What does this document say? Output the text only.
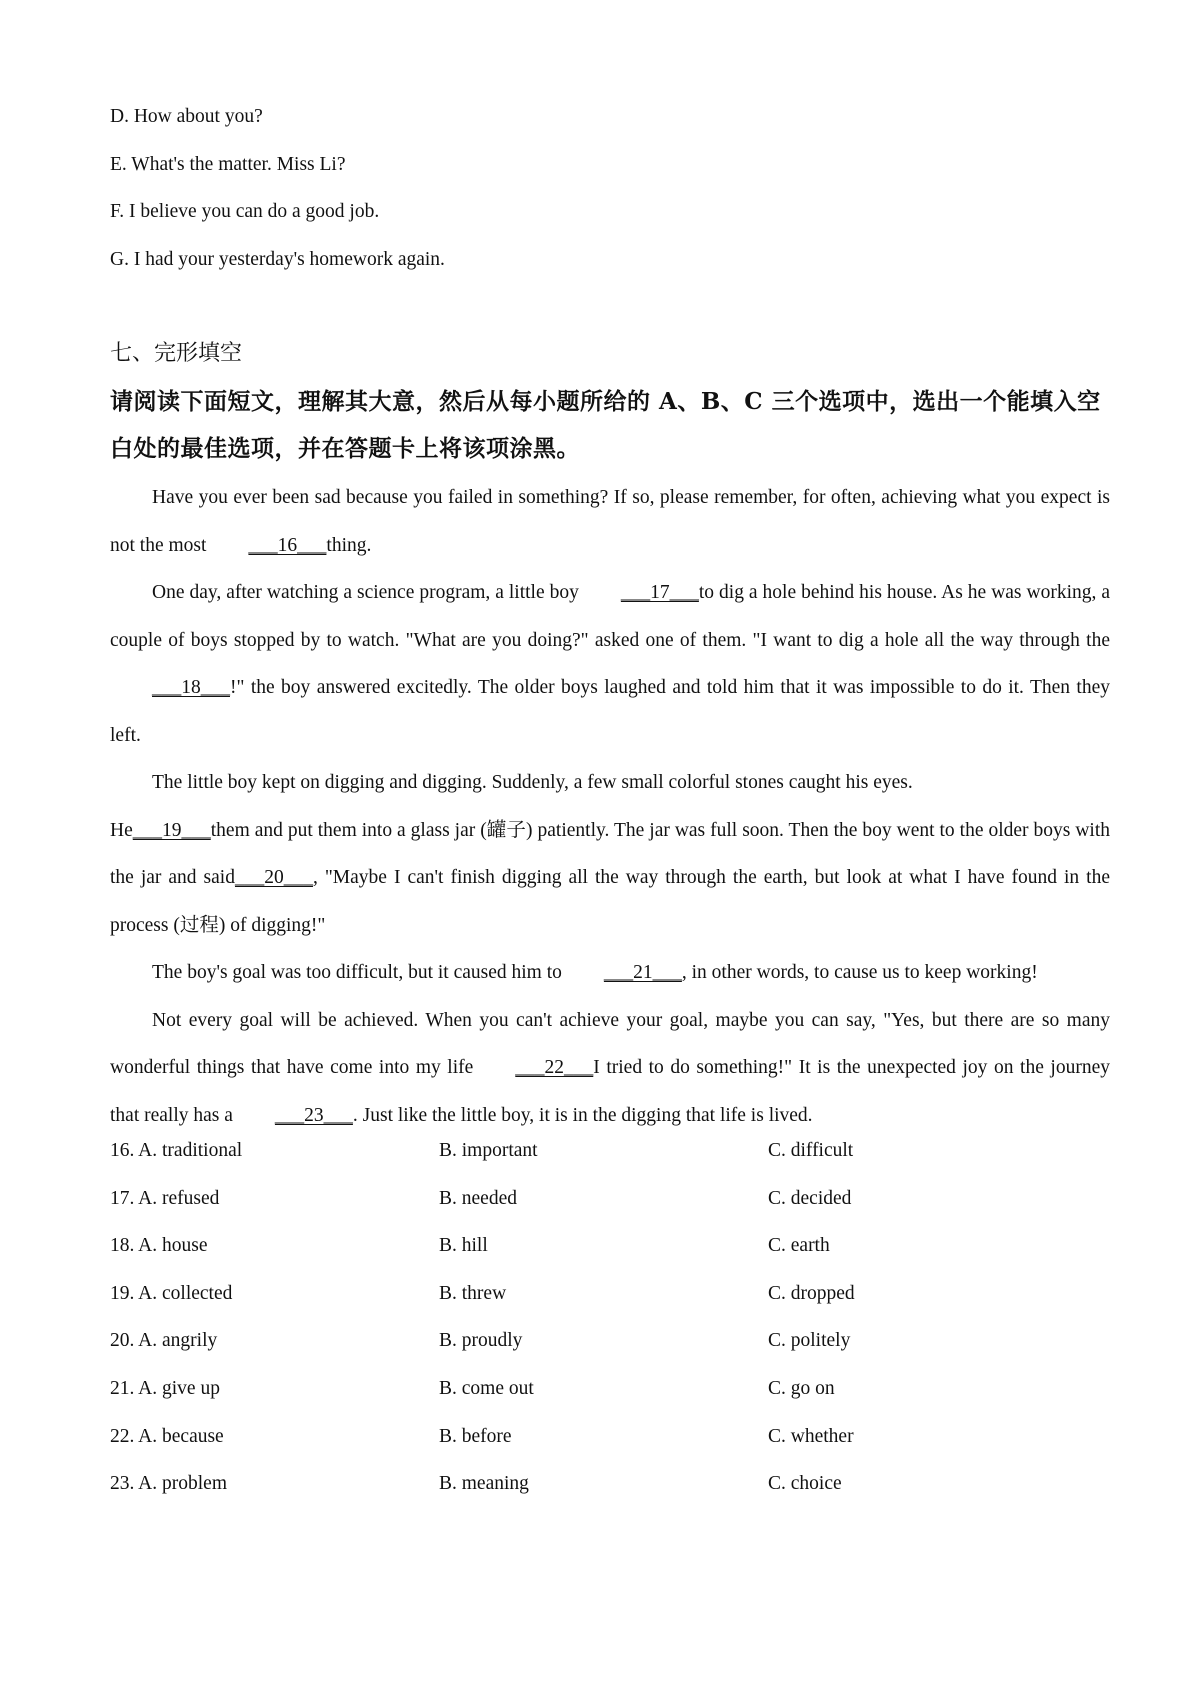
D. How about you?
E. What's the matter. Miss Li?
F. I believe you can do a good job.
G. I had your yesterday's homework again.
七、完形填空
请阅读下面短文，理解其大意，然后从每小题所给的 A、B、C 三个选项中，选出一个能填入空白处的最佳选项，并在答题卡上将该项涂黑。

Have you ever been sad because you failed in something? If so, please remember, for often, achieving what you expect is not the most ___16___thing.

One day, after watching a science program, a little boy ___17___to dig a hole behind his house. As he was working, a couple of boys stopped by to watch. "What are you doing?" asked one of them. "I want to dig a hole all the way through the___18___!" the boy answered excitedly. The older boys laughed and told him that it was impossible to do it. Then they left.

The little boy kept on digging and digging. Suddenly, a few small colorful stones caught his eyes.

He___19___them and put them into a glass jar (罐子) patiently. The jar was full soon. Then the boy went to the older boys with the jar and said___20___, "Maybe I can't finish digging all the way through the earth, but look at what I have found in the process (过程) of digging!"

The boy's goal was too difficult, but it caused him to ___21___, in other words, to cause us to keep working!

Not every goal will be achieved. When you can't achieve your goal, maybe you can say, "Yes, but there are so many wonderful things that have come into my life ___22___I tried to do something!" It is the unexpected joy on the journey that really has a ___23___. Just like the little boy, it is in the digging that life is lived.

16. A. traditional	B. important	C. difficult
17. A. refused	B. needed	C. decided
18. A. house	B. hill	C. earth
19. A. collected	B. threw	C. dropped
20. A. angrily	B. proudly	C. politely
21. A. give up	B. come out	C. go on
22. A. because	B. before	C. whether
23. A. problem	B. meaning	C. choice
